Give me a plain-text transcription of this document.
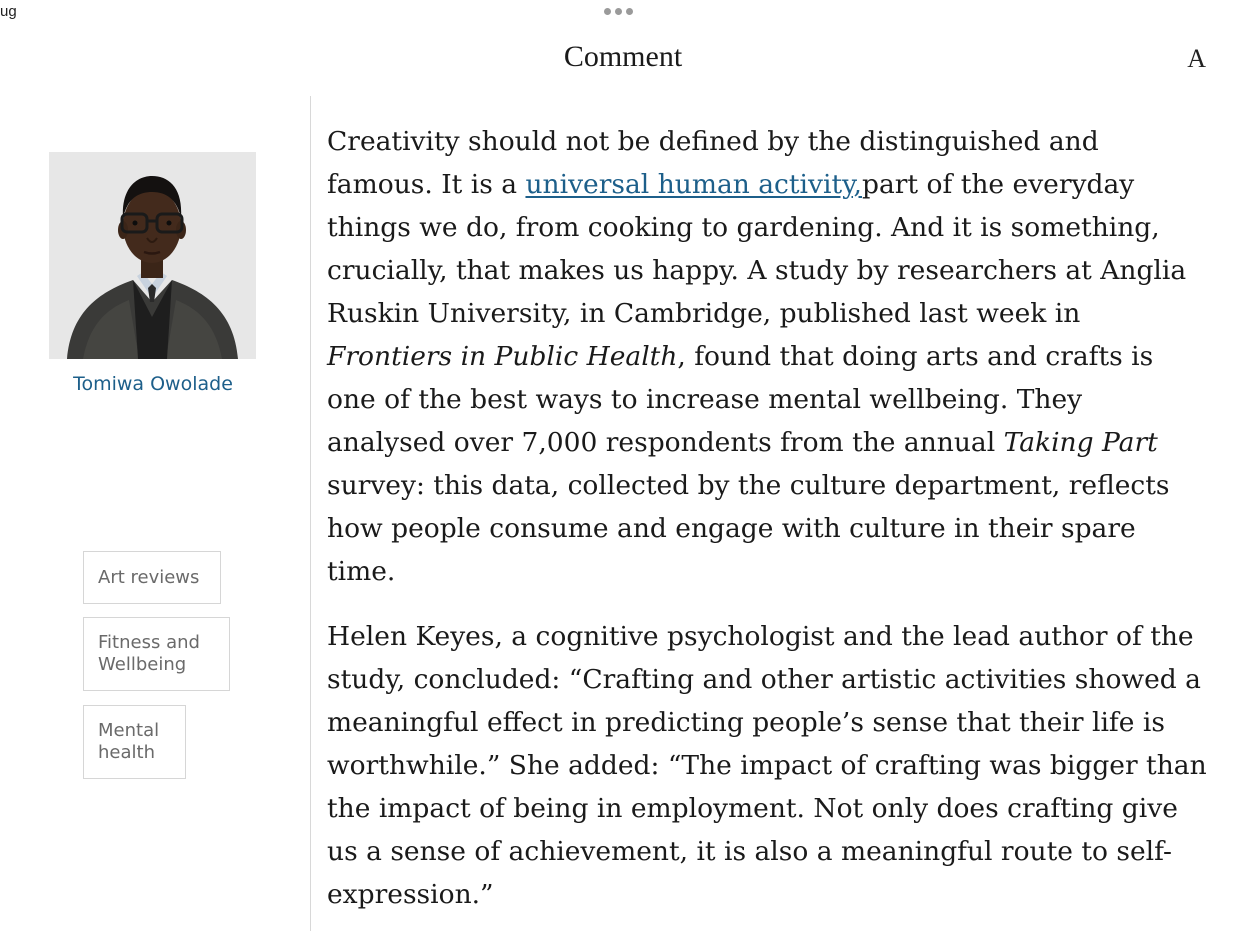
ug
A
Comment
Tomiwa Owolade
Art reviews
Fitness and
Wellbeing
Mental
health

Creativity should not be defined by the distinguished and famous. It is a universal human activity,part of the everyday things we do, from cooking to gardening. And it is something, crucially, that makes us happy. A study by researchers at Anglia Ruskin University, in Cambridge, published last week in Frontiers in Public Health, found that doing arts and crafts is one of the best ways to increase mental wellbeing. They analysed over 7,000 respondents from the annual Taking Part survey: this data, collected by the culture department, reflects how people consume and engage with culture in their spare time.

Helen Keyes, a cognitive psychologist and the lead author of the study, concluded: “Crafting and other artistic activities showed a meaningful effect in predicting people’s sense that their life is worthwhile.” She added: “The impact of crafting was bigger than the impact of being in employment. Not only does crafting give us a sense of achievement, it is also a meaningful route to self-expression.”
